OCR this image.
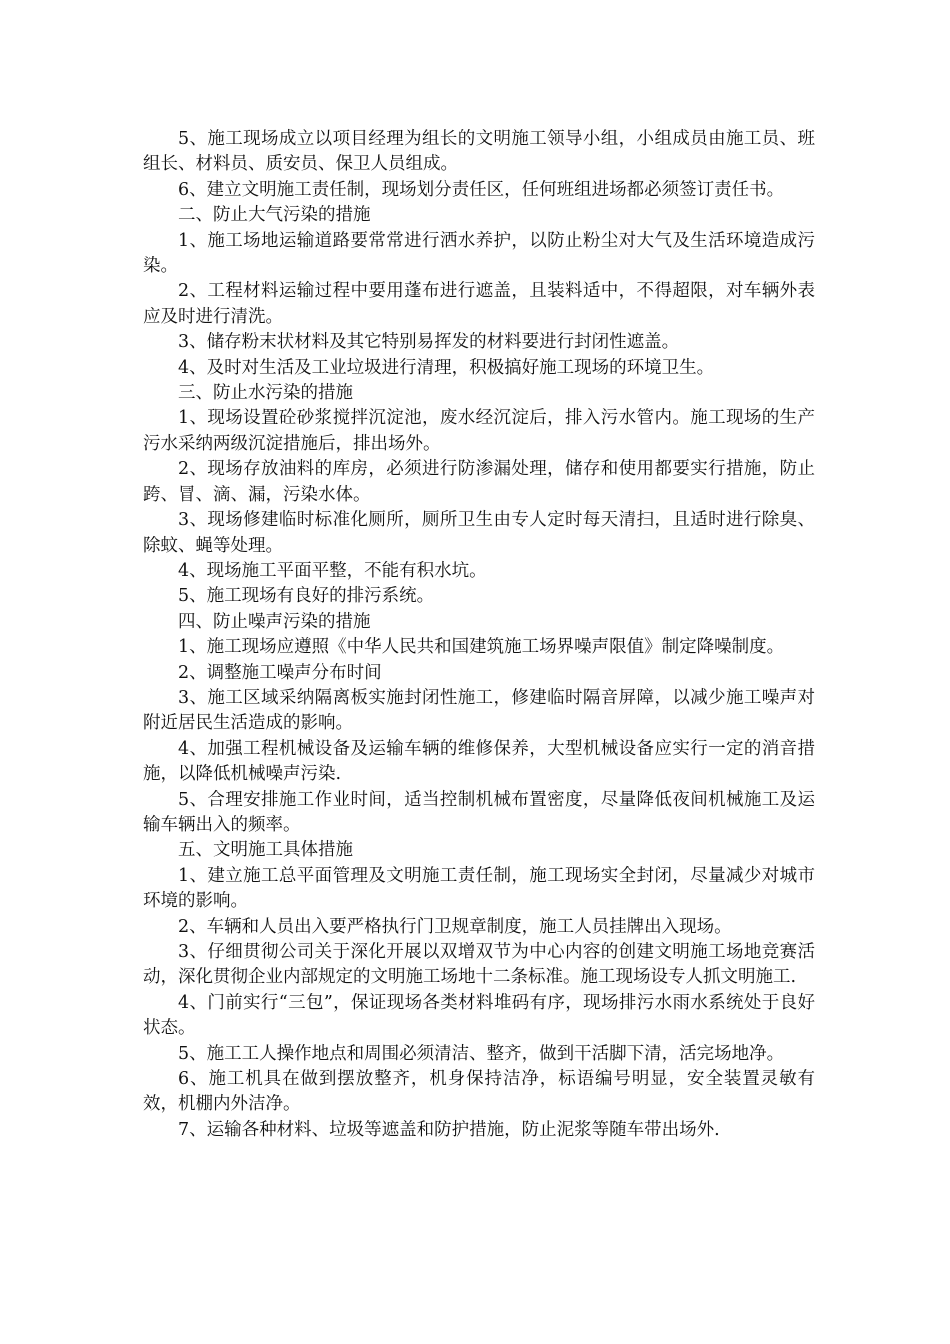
5、施工现场成立以项目经理为组长的文明施工领导小组，小组成员由施工员、班组长、材料员、质安员、保卫人员组成。

6、建立文明施工责任制，现场划分责任区，任何班组进场都必须签订责任书。

二、防止大气污染的措施

1、施工场地运输道路要常常进行洒水养护，以防止粉尘对大气及生活环境造成污染。

2、工程材料运输过程中要用蓬布进行遮盖，且装料适中，不得超限，对车辆外表应及时进行清洗。

3、储存粉末状材料及其它特别易挥发的材料要进行封闭性遮盖。

4、及时对生活及工业垃圾进行清理，积极搞好施工现场的环境卫生。

三、防止水污染的措施

1、现场设置砼砂浆搅拌沉淀池，废水经沉淀后，排入污水管内。施工现场的生产污水采纳两级沉淀措施后，排出场外。

2、现场存放油料的库房，必须进行防渗漏处理，储存和使用都要实行措施，防止跨、冒、滴、漏，污染水体。

3、现场修建临时标准化厕所，厕所卫生由专人定时每天清扫，且适时进行除臭、除蚊、蝇等处理。

4、现场施工平面平整，不能有积水坑。

5、施工现场有良好的排污系统。

四、防止噪声污染的措施

1、施工现场应遵照《中华人民共和国建筑施工场界噪声限值》制定降噪制度。

2、调整施工噪声分布时间

3、施工区域采纳隔离板实施封闭性施工，修建临时隔音屏障，以减少施工噪声对附近居民生活造成的影响。

4、加强工程机械设备及运输车辆的维修保养，大型机械设备应实行一定的消音措施，以降低机械噪声污染.

5、合理安排施工作业时间，适当控制机械布置密度，尽量降低夜间机械施工及运输车辆出入的频率。

五、文明施工具体措施

1、建立施工总平面管理及文明施工责任制，施工现场实全封闭，尽量减少对城市环境的影响。

2、车辆和人员出入要严格执行门卫规章制度，施工人员挂牌出入现场。

3、仔细贯彻公司关于深化开展以双增双节为中心内容的创建文明施工场地竞赛活动，深化贯彻企业内部规定的文明施工场地十二条标准。施工现场设专人抓文明施工.

4、门前实行“三包”，保证现场各类材料堆码有序，现场排污水雨水系统处于良好状态。

5、施工工人操作地点和周围必须清洁、整齐，做到干活脚下清，活完场地净。

6、施工机具在做到摆放整齐，机身保持洁净，标语编号明显，安全装置灵敏有效，机棚内外洁净。

7、运输各种材料、垃圾等遮盖和防护措施，防止泥浆等随车带出场外.
